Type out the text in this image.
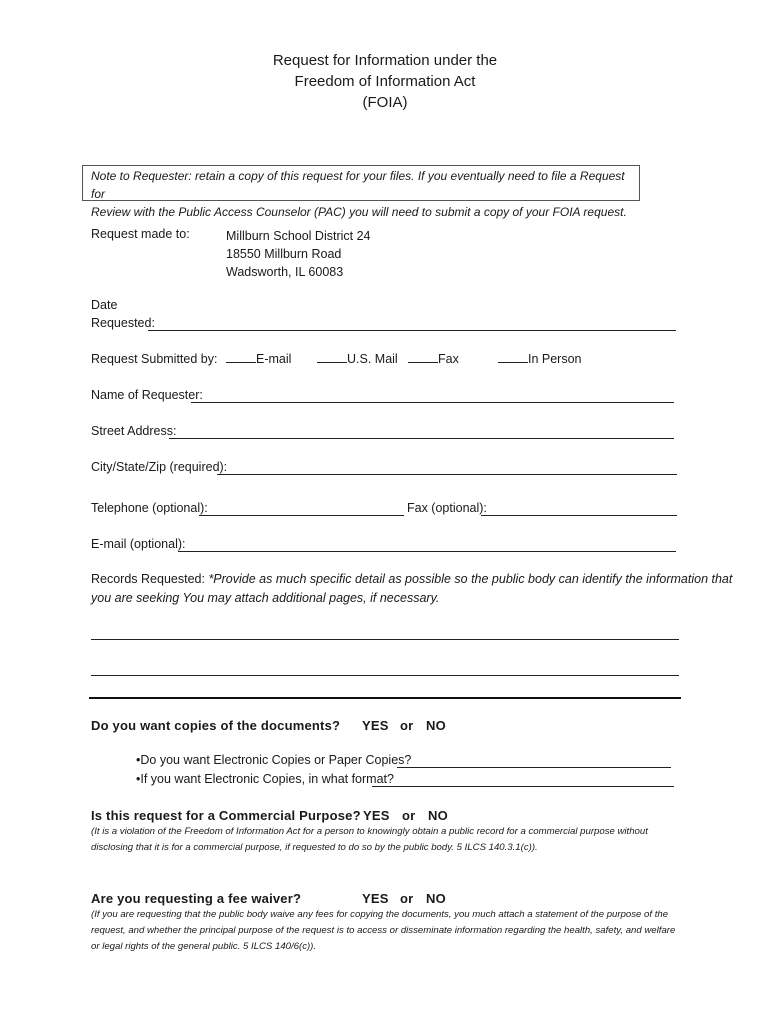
Request for Information under the
Freedom of Information Act
(FOIA)
Note to Requester: retain a copy of this request for your files. If you eventually need to file a Request for
Review with the Public Access Counselor (PAC) you will need to submit a copy of your FOIA request.
Request made to:	Millburn School District 24
18550 Millburn Road
Wadsworth, IL 60083
Date
Requested:
Request Submitted by:	E-mail	U.S. Mail	Fax	In Person
Name of Requester:
Street Address:
City/State/Zip (required):
Telephone (optional):	Fax (optional):
E-mail (optional):
Records Requested: *Provide as much specific detail as possible so the public body can identify the information that
you are seeking You may attach additional pages, if necessary.
Do you want copies of the documents? YES or NO
•Do you want Electronic Copies or Paper Copies?
•If you want Electronic Copies, in what format?
Is this request for a Commercial Purpose? YES or NO
(It is a violation of the Freedom of Information Act for a person to knowingly obtain a public record for a commercial purpose without
disclosing that it is for a commercial purpose, if requested to do so by the public body. 5 ILCS 140.3.1(c)).
Are you requesting a fee waiver?	YES or NO
(If you are requesting that the public body waive any fees for copying the documents, you much attach a statement of the purpose of the
request, and whether the principal purpose of the request is to access or disseminate information regarding the health, safety, and welfare
or legal rights of the general public. 5 ILCS 140/6(c)).
